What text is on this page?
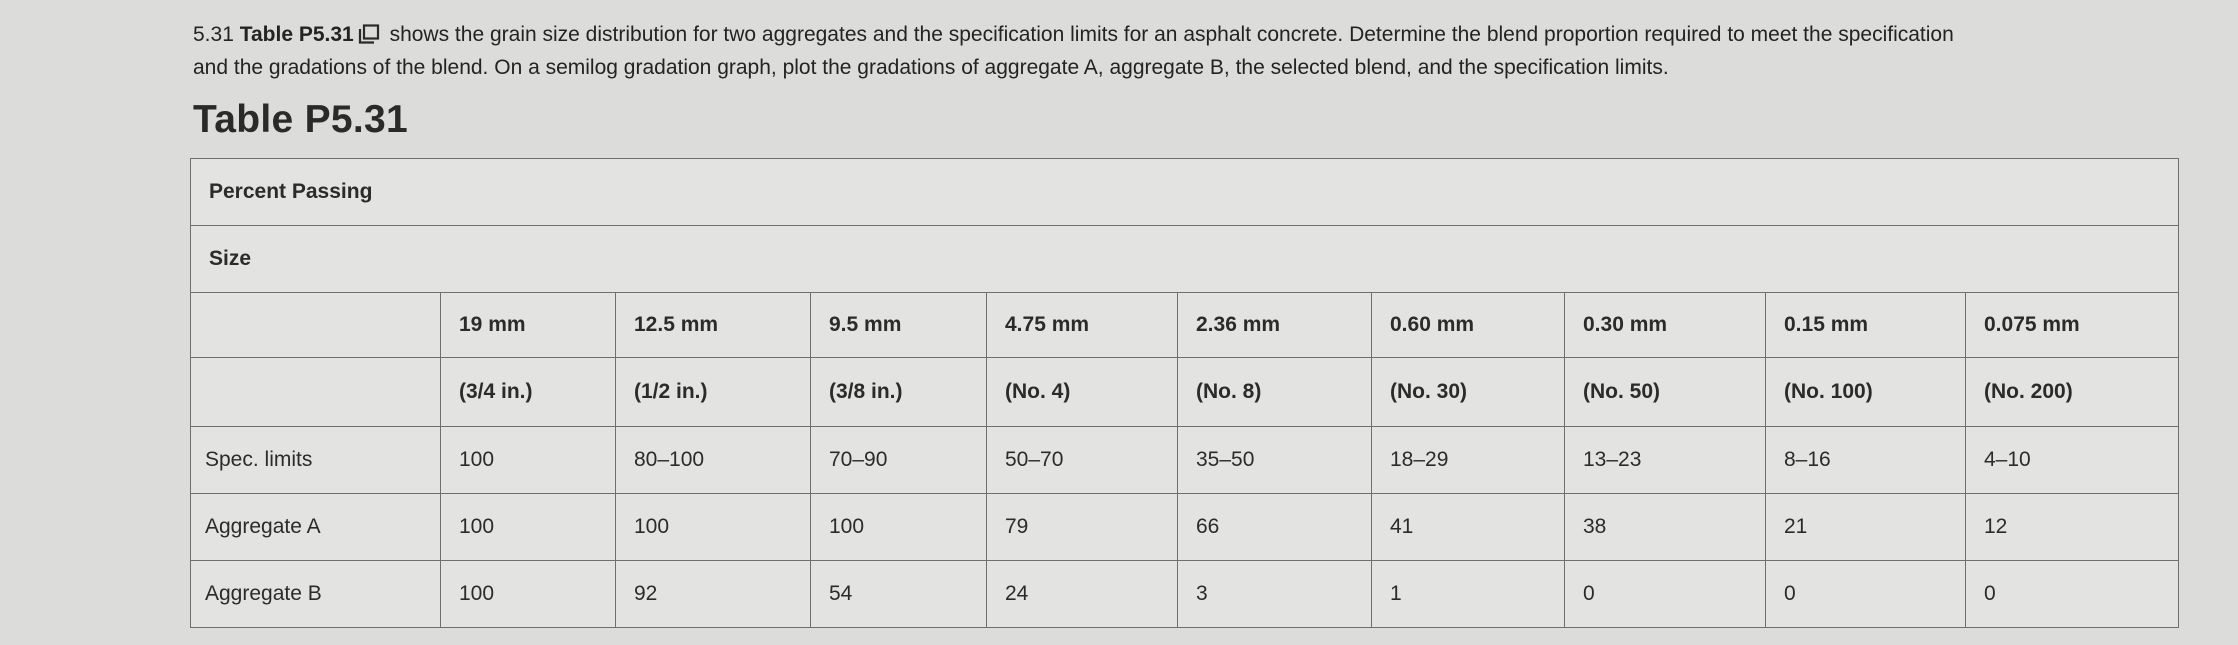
5.31 Table P5.31 shows the grain size distribution for two aggregates and the specification limits for an asphalt concrete. Determine the blend proportion required to meet the specification
and the gradations of the blend. On a semilog gradation graph, plot the gradations of aggregate A, aggregate B, the selected blend, and the specification limits.
Table P5.31
Percent Passing									
Size									
	19 mm	12.5 mm	9.5 mm	4.75 mm	2.36 mm	0.60 mm	0.30 mm	0.15 mm	0.075 mm
	(3/4 in.)	(1/2 in.)	(3/8 in.)	(No. 4)	(No. 8)	(No. 30)	(No. 50)	(No. 100)	(No. 200)
Spec. limits	100	80–100	70–90	50–70	35–50	18–29	13–23	8–16	4–10
Aggregate A	100	100	100	79	66	41	38	21	12
Aggregate B	100	92	54	24	3	1	0	0	0
